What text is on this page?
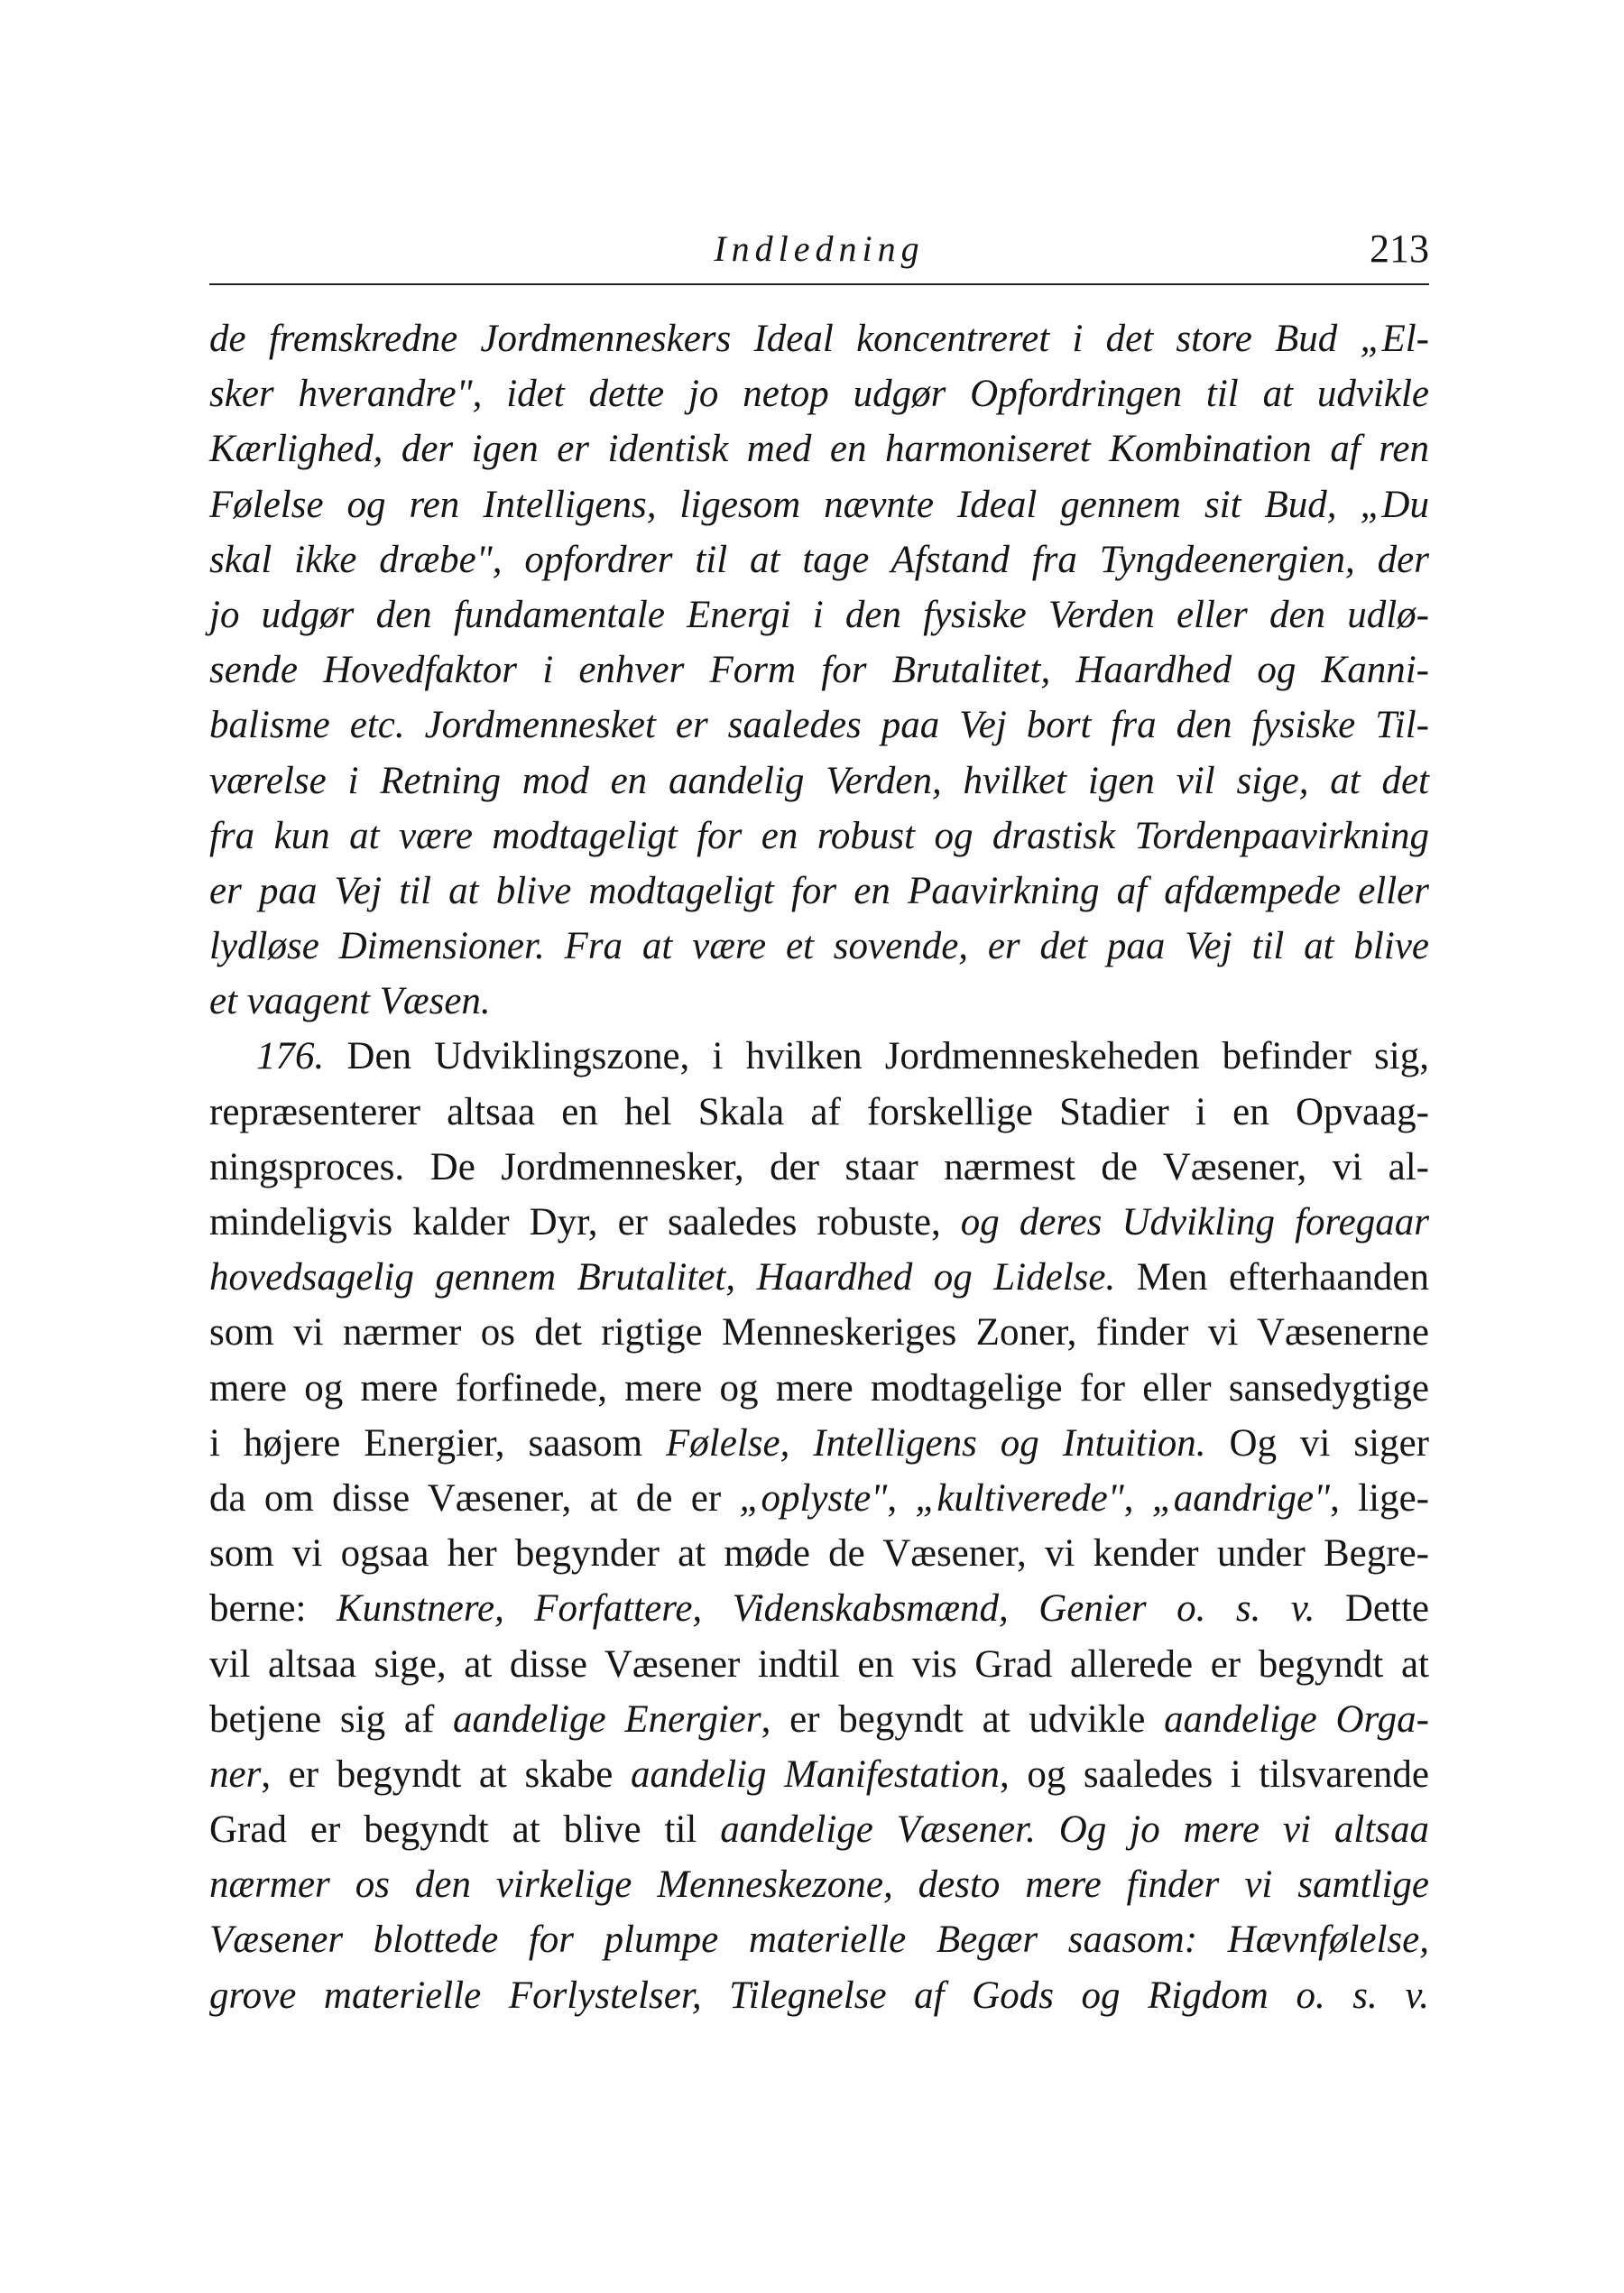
Indledning	213
de fremskredne Jordmenneskers Ideal koncentreret i det store Bud „El-
sker hverandre", idet dette jo netop udgør Opfordringen til at udvikle
Kærlighed, der igen er identisk med en harmoniseret Kombination af ren
Følelse og ren Intelligens, ligesom nævnte Ideal gennem sit Bud, „Du
skal ikke dræbe", opfordrer til at tage Afstand fra Tyngdeenergien, der
jo udgør den fundamentale Energi i den fysiske Verden eller den udlø-
sende Hovedfaktor i enhver Form for Brutalitet, Haardhed og Kanni-
balisme etc. Jordmennesket er saaledes paa Vej bort fra den fysiske Til-
værelse i Retning mod en aandelig Verden, hvilket igen vil sige, at det
fra kun at være modtageligt for en robust og drastisk Tordenpaavirkning
er paa Vej til at blive modtageligt for en Paavirkning af afdæmpede eller
lydløse Dimensioner. Fra at være et sovende, er det paa Vej til at blive
et vaagent Væsen.
176. Den Udviklingszone, i hvilken Jordmenneskeheden befinder sig,
repræsenterer altsaa en hel Skala af forskellige Stadier i en Opvaag-
ningsproces. De Jordmennesker, der staar nærmest de Væsener, vi al-
mindeligvis kalder Dyr, er saaledes robuste, og deres Udvikling foregaar
hovedsagelig gennem Brutalitet, Haardhed og Lidelse. Men efterhaanden
som vi nærmer os det rigtige Menneskeriges Zoner, finder vi Væsenerne
mere og mere forfinede, mere og mere modtagelige for eller sansedygtige
i højere Energier, saasom Følelse, Intelligens og Intuition. Og vi siger
da om disse Væsener, at de er „oplyste", „kultiverede", „aandrige", lige-
som vi ogsaa her begynder at møde de Væsener, vi kender under Begre-
berne: Kunstnere, Forfattere, Videnskabsmænd, Genier o. s. v. Dette
vil altsaa sige, at disse Væsener indtil en vis Grad allerede er begyndt at
betjene sig af aandelige Energier, er begyndt at udvikle aandelige Orga-
ner, er begyndt at skabe aandelig Manifestation, og saaledes i tilsvarende
Grad er begyndt at blive til aandelige Væsener. Og jo mere vi altsaa
nærmer os den virkelige Menneskezone, desto mere finder vi samtlige
Væsener blottede for plumpe materielle Begær saasom: Hævnfølelse,
grove materielle Forlystelser, Tilegnelse af Gods og Rigdom o. s. v.
